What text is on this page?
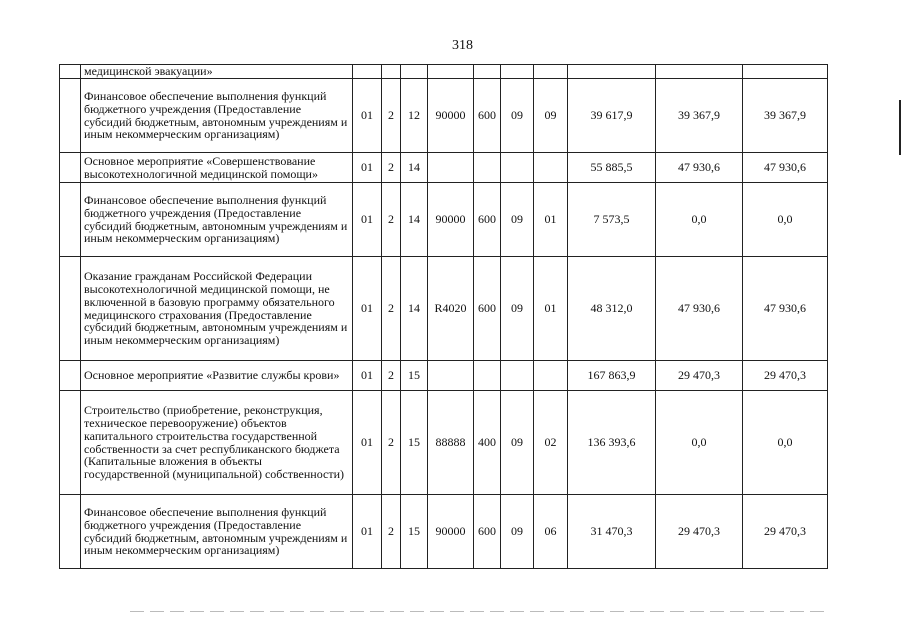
318
	медицинской эвакуации»										
	Финансовое обеспечение выполнения функций бюджетного учреждения (Предоставление субсидий бюджетным, автономным учреждениям и иным некоммерческим организациям)	01	2	12	90000	600	09	09	39 617,9	39 367,9	39 367,9
	Основное мероприятие «Совершенствование высокотехнологичной медицинской помощи»	01	2	14					55 885,5	47 930,6	47 930,6
	Финансовое обеспечение выполнения функций бюджетного учреждения (Предоставление субсидий бюджетным, автономным учреждениям и иным некоммерческим организациям)	01	2	14	90000	600	09	01	7 573,5	0,0	0,0
	Оказание гражданам Российской Федерации высокотехнологичной медицинской помощи, не включенной в базовую программу обязательного медицинского страхования (Предоставление субсидий бюджетным, автономным учреждениям и иным некоммерческим организациям)	01	2	14	R4020	600	09	01	48 312,0	47 930,6	47 930,6
	Основное мероприятие «Развитие службы крови»	01	2	15					167 863,9	29 470,3	29 470,3
	Строительство (приобретение, реконструкция, техническое перевооружение) объектов капитального строительства государственной собственности за счет республиканского бюджета (Капитальные вложения в объекты государственной (муниципальной) собственности)	01	2	15	88888	400	09	02	136 393,6	0,0	0,0
	Финансовое обеспечение выполнения функций бюджетного учреждения (Предоставление субсидий бюджетным, автономным учреждениям и иным некоммерческим организациям)	01	2	15	90000	600	09	06	31 470,3	29 470,3	29 470,3
